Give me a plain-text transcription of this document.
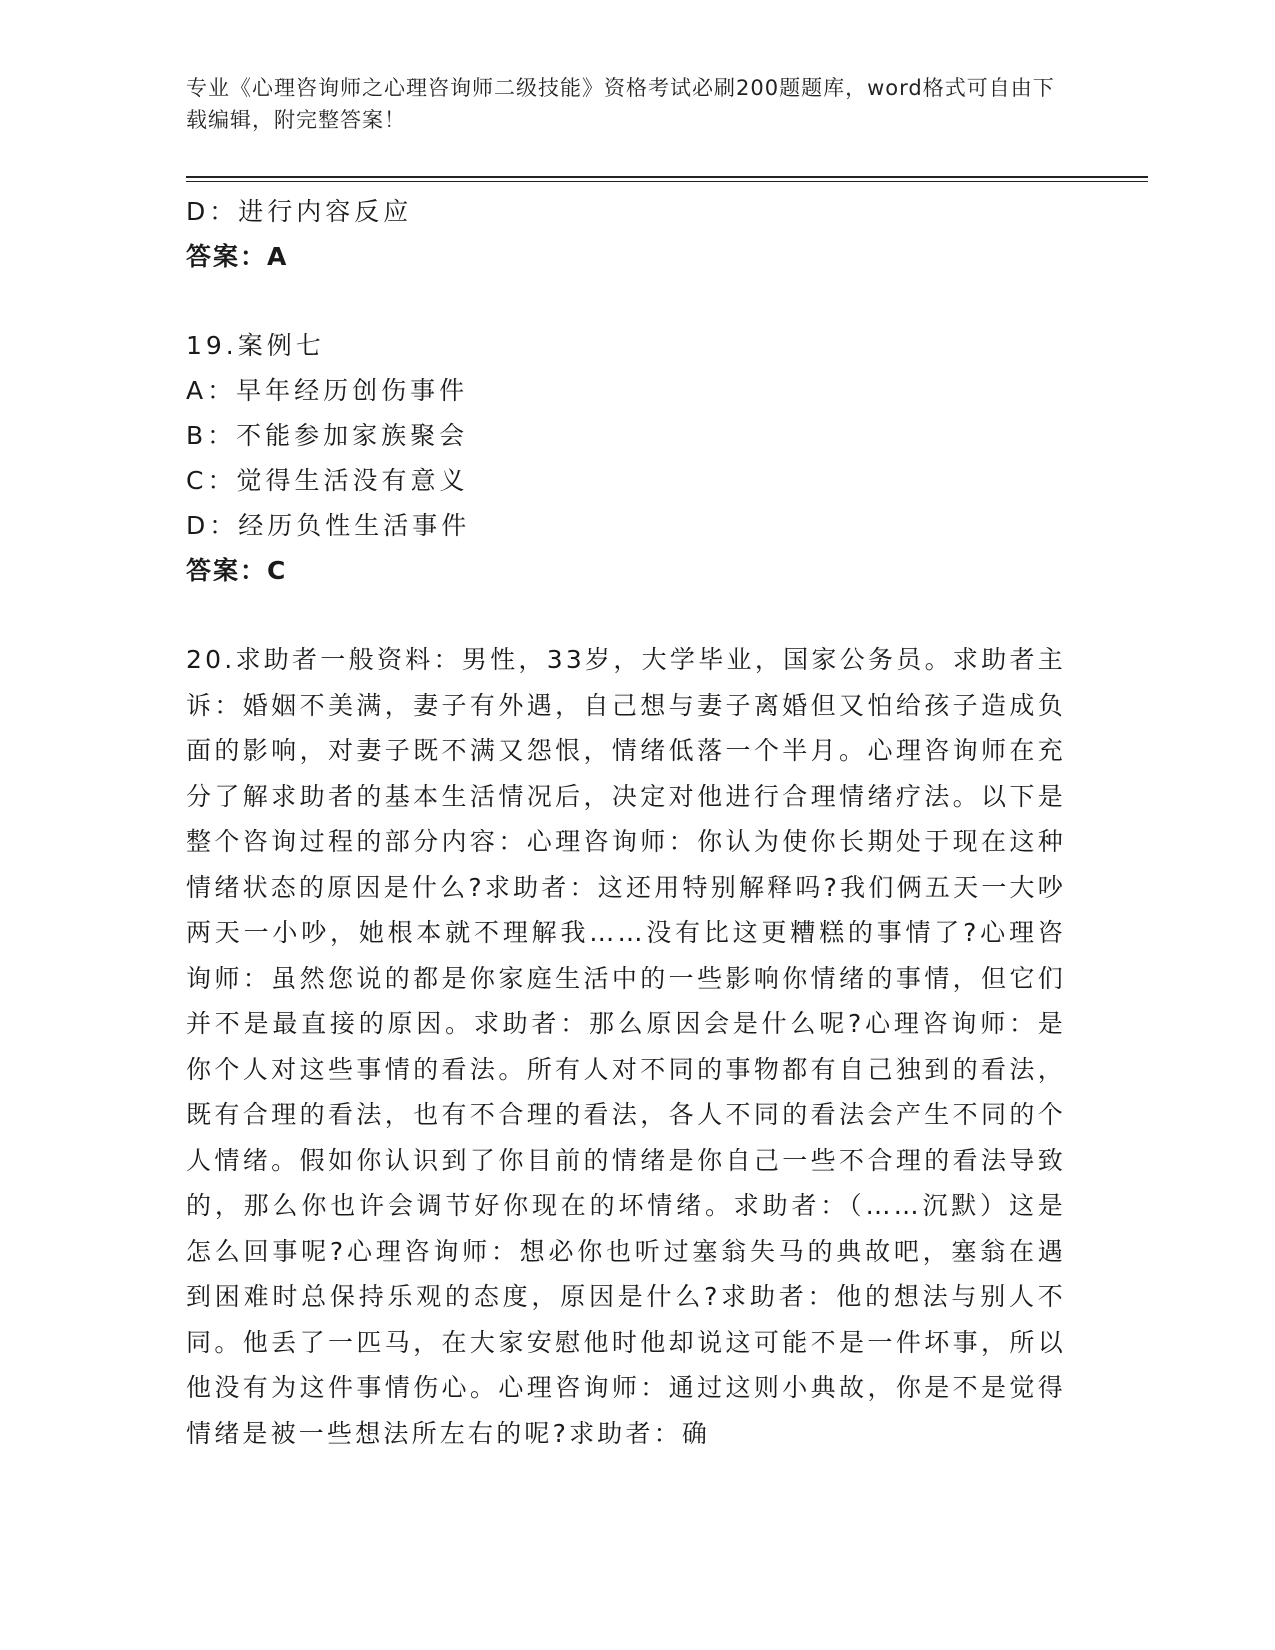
专业《心理咨询师之心理咨询师二级技能》资格考试必刷200题题库，word格式可自由下载编辑，附完整答案！
D：进行内容反应
答案：A
19.案例七
A：早年经历创伤事件
B：不能参加家族聚会
C：觉得生活没有意义
D：经历负性生活事件
答案：C
20.求助者一般资料：男性，33岁，大学毕业，国家公务员。求助者主诉：婚姻不美满，妻子有外遇，自己想与妻子离婚但又怕给孩子造成负面的影响，对妻子既不满又怨恨，情绪低落一个半月。心理咨询师在充分了解求助者的基本生活情况后，决定对他进行合理情绪疗法。以下是整个咨询过程的部分内容：心理咨询师：你认为使你长期处于现在这种情绪状态的原因是什么?求助者：这还用特别解释吗?我们俩五天一大吵两天一小吵，她根本就不理解我……没有比这更糟糕的事情了?心理咨询师：虽然您说的都是你家庭生活中的一些影响你情绪的事情，但它们并不是最直接的原因。求助者：那么原因会是什么呢?心理咨询师：是你个人对这些事情的看法。所有人对不同的事物都有自己独到的看法，既有合理的看法，也有不合理的看法，各人不同的看法会产生不同的个人情绪。假如你认识到了你目前的情绪是你自己一些不合理的看法导致的，那么你也许会调节好你现在的坏情绪。求助者：（……沉默）这是怎么回事呢?心理咨询师：想必你也听过塞翁失马的典故吧，塞翁在遇到困难时总保持乐观的态度，原因是什么?求助者：他的想法与别人不同。他丢了一匹马，在大家安慰他时他却说这可能不是一件坏事，所以他没有为这件事情伤心。心理咨询师：通过这则小典故，你是不是觉得情绪是被一些想法所左右的呢?求助者：确
